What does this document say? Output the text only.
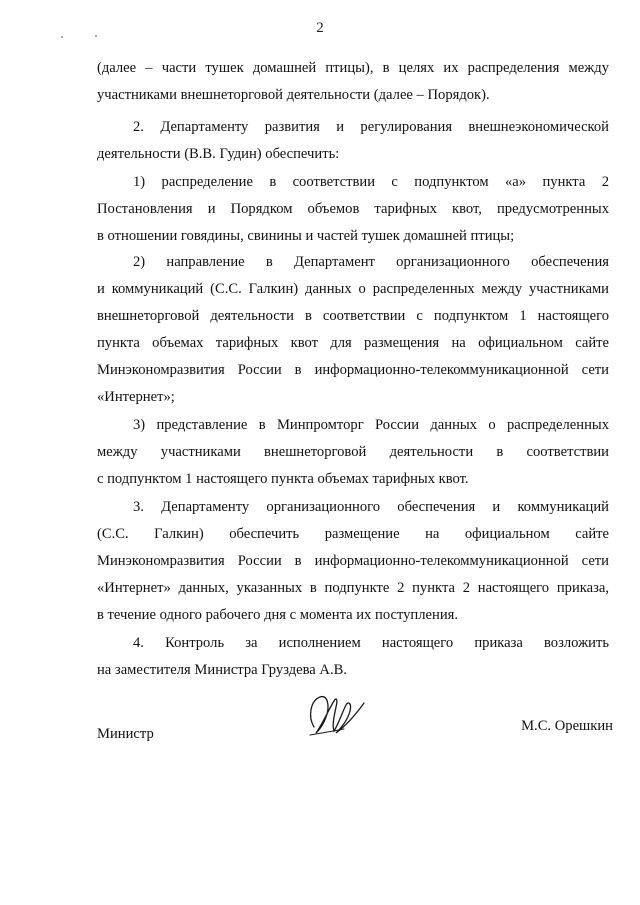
2

(далее – части тушек домашней птицы), в целях их распределения между

участниками внешнеторговой деятельности (далее – Порядок).

2. Департаменту развития и регулирования внешнеэкономической

деятельности (В.В. Гудин) обеспечить:

1) распределение в соответствии с подпунктом «а» пункта 2

Постановления и Порядком объемов тарифных квот, предусмотренных

в отношении говядины, свинины и частей тушек домашней птицы;

2) направление в Департамент организационного обеспечения

и коммуникаций (С.С. Галкин) данных о распределенных между участниками

внешнеторговой деятельности в соответствии с подпунктом 1 настоящего

пункта объемах тарифных квот для размещения на официальном сайте

Минэкономразвития России в информационно-телекоммуникационной сети

«Интернет»;

3) представление в Минпромторг России данных о распределенных

между участниками внешнеторговой деятельности в соответствии

с подпунктом 1 настоящего пункта объемах тарифных квот.

3. Департаменту организационного обеспечения и коммуникаций

(С.С. Галкин) обеспечить размещение на официальном сайте

Минэкономразвития России в информационно-телекоммуникационной сети

«Интернет» данных, указанных в подпункте 2 пункта 2 настоящего приказа,

в течение одного рабочего дня с момента их поступления.

4. Контроль за исполнением настоящего приказа возложить

на заместителя Министра Груздева А.В.

Министр	М.С. Орешкин
